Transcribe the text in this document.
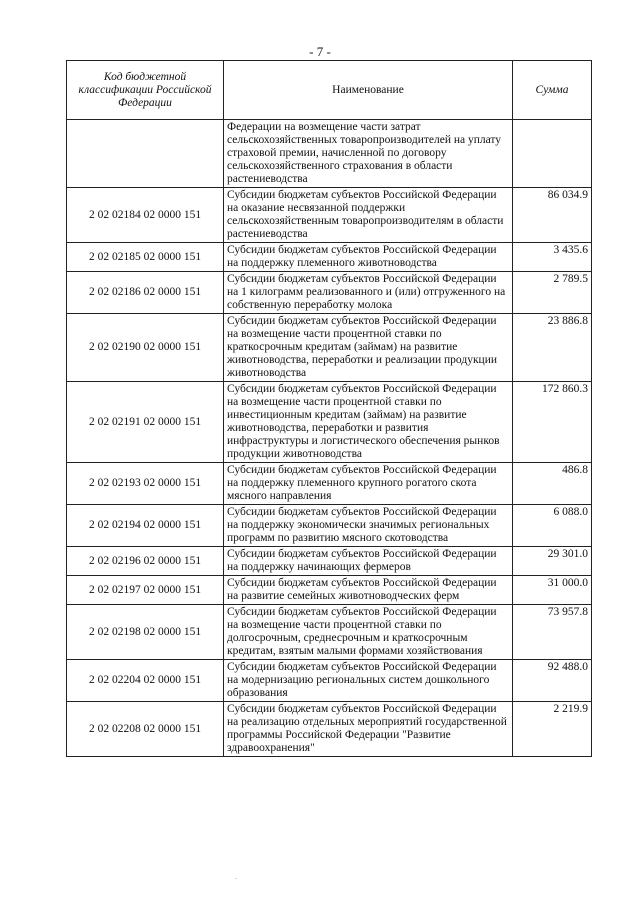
- 7 -
Код бюджетной классификации Российской Федерации	Наименование	Сумма
	Федерации на возмещение части затрат сельскохозяйственных товаропроизводителей на уплату страховой премии, начисленной по договору сельскохозяйственного страхования в области растениеводства	
2 02 02184 02 0000 151	Субсидии бюджетам субъектов Российской Федерации на оказание несвязанной поддержки сельскохозяйственным товаропроизводителям в области растениеводства	86 034.9
2 02 02185 02 0000 151	Субсидии бюджетам субъектов Российской Федерации на поддержку племенного животноводства	3 435.6
2 02 02186 02 0000 151	Субсидии бюджетам субъектов Российской Федерации на 1 килограмм реализованного и (или) отгруженного на собственную переработку молока	2 789.5
2 02 02190 02 0000 151	Субсидии бюджетам субъектов Российской Федерации на возмещение части процентной ставки по краткосрочным кредитам (займам) на развитие животноводства, переработки и реализации продукции животноводства	23 886.8
2 02 02191 02 0000 151	Субсидии бюджетам субъектов Российской Федерации на возмещение части процентной ставки по инвестиционным кредитам (займам) на развитие животноводства, переработки и развития инфраструктуры и логистического обеспечения рынков продукции животноводства	172 860.3
2 02 02193 02 0000 151	Субсидии бюджетам субъектов Российской Федерации на поддержку племенного крупного рогатого скота мясного направления	486.8
2 02 02194 02 0000 151	Субсидии бюджетам субъектов Российской Федерации на поддержку экономически значимых региональных программ по развитию мясного скотоводства	6 088.0
2 02 02196 02 0000 151	Субсидии бюджетам субъектов Российской Федерации на поддержку начинающих фермеров	29 301.0
2 02 02197 02 0000 151	Субсидии бюджетам субъектов Российской Федерации на развитие семейных животноводческих ферм	31 000.0
2 02 02198 02 0000 151	Субсидии бюджетам субъектов Российской Федерации на возмещение части процентной ставки по долгосрочным, среднесрочным и краткосрочным кредитам, взятым малыми формами хозяйствования	73 957.8
2 02 02204 02 0000 151	Субсидии бюджетам субъектов Российской Федерации на модернизацию региональных систем дошкольного образования	92 488.0
2 02 02208 02 0000 151	Субсидии бюджетам субъектов Российской Федерации на реализацию отдельных мероприятий государственной программы Российской Федерации "Развитие здравоохранения"	2 219.9
.
